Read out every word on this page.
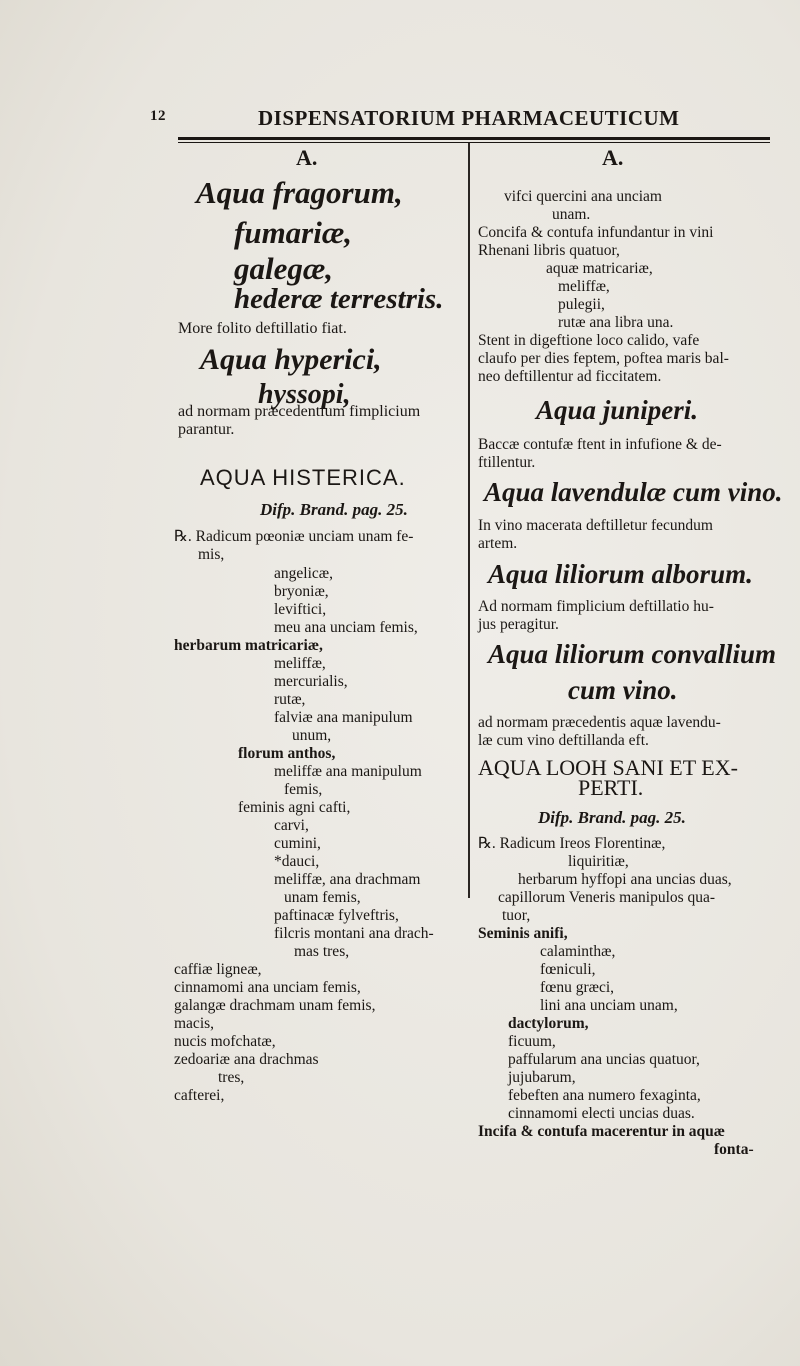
12	DISPENSATORIUM PHARMACEUTICUM
A.
Aqua fragorum,
fumariæ,
galegæ,
hederæ terrestris.
More folito deftillatio fiat.
Aqua hyperici,
hyssopi,
ad normam præcedentium fimplicium
parantur.
AQUA HISTERICA.
Difp. Brand. pag. 25.
℞. Radicum pœoniæ unciam unam fe-
mis,
angelicæ,
bryoniæ,
leviftici,
meu ana unciam femis,
herbarum matricariæ,
meliffæ,
mercurialis,
rutæ,
falviæ ana manipulum
unum,
florum anthos,
meliffæ ana manipulum
femis,
feminis agni cafti,
carvi,
cumini,
*dauci,
meliffæ, ana drachmam
unam femis,
paftinacæ fylveftris,
filcris montani ana drach-
mas tres,
caffiæ ligneæ,
cinnamomi ana unciam femis,
galangæ drachmam unam femis,
macis,
nucis mofchatæ,
zedoariæ ana drachmas
tres,
cafterei,
A.
vifci quercini ana unciam
unam.
Concifa & contufa infundantur in vini
Rhenani libris quatuor,
aquæ matricariæ,
meliffæ,
pulegii,
rutæ ana libra una.
Stent in digeftione loco calido, vafe
claufo per dies feptem, poftea maris bal-
neo deftillentur ad ficcitatem.
Aqua juniperi.
Baccæ contufæ ftent in infufione & de-
ftillentur.
Aqua lavendulæ cum vino.
In vino macerata deftilletur fecundum
artem.
Aqua liliorum alborum.
Ad normam fimplicium deftillatio hu-
jus peragitur.
Aqua liliorum convallium
cum vino.
ad normam præcedentis aquæ lavendu-
læ cum vino deftillanda eft.
AQUA LOOH SANI ET EX-
PERTI.
Difp. Brand. pag. 25.
℞. Radicum Ireos Florentinæ,
liquiritiæ,
herbarum hyffopi ana uncias duas,
capillorum Veneris manipulos qua-
tuor,
Seminis anifi,
calaminthæ,
fœniculi,
fœnu græci,
lini ana unciam unam,
dactylorum,
ficuum,
paffularum ana uncias quatuor,
jujubarum,
febeften ana numero fexaginta,
cinnamomi electi uncias duas.
Incifa & contufa macerentur in aquæ
fonta-
